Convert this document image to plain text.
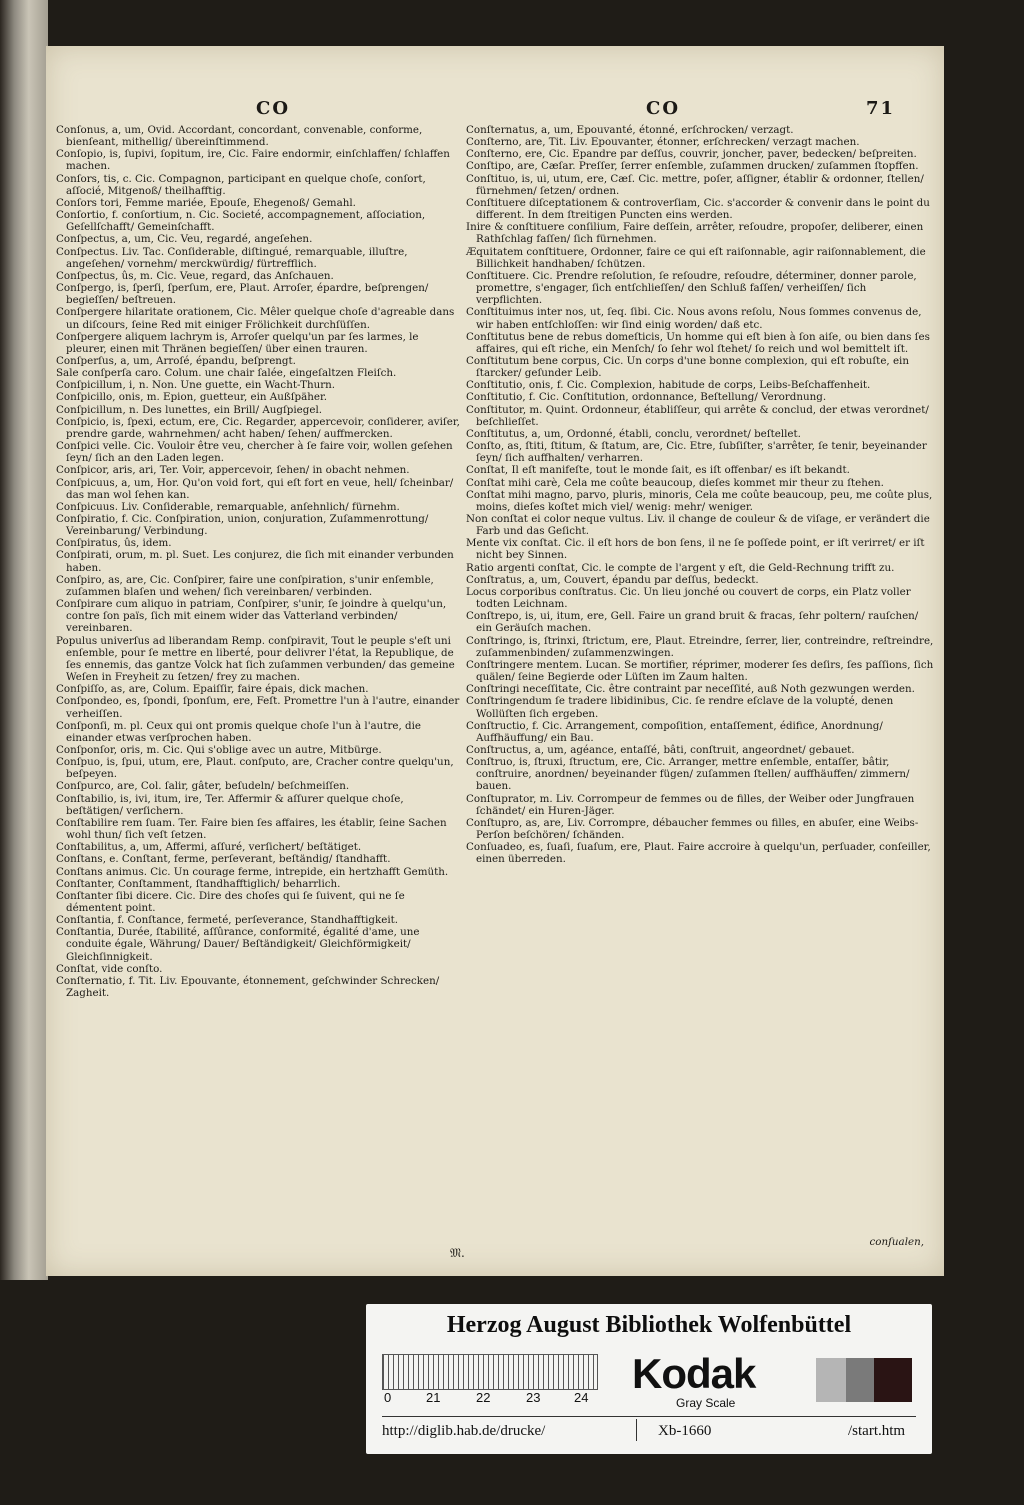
CO	CO	71
Conſonus, a, um, Ovid. Accordant, concordant, convenable, conforme, bienſeant, mithellig/ übereinſtimmend.
Conſopio, is, ſupivi, ſopitum, ire, Cic. Faire endormir, einſchlaffen/ ſchlaffen machen.
Conſors, tis, c. Cic. Compagnon, participant en quelque choſe, conſort, aſſocié, Mitgenoß/ theilhafftig.
Conſors tori, Femme mariée, Epouſe, Ehegenoß/ Gemahl.
Conſortio, f. conſortium, n. Cic. Societé, accompagnement, aſſociation, Geſellſchafft/ Gemeinſchafft.
Conſpectus, a, um, Cic. Veu, regardé, angeſehen.
Conſpectus. Liv. Tac. Conſiderable, diſtingué, remarquable, illuſtre, angeſehen/ vornehm/ merckwürdig/ fürtrefflich.
Conſpectus, ûs, m. Cic. Veue, regard, das Anſchauen.
Conſpergo, is, ſperſi, ſperſum, ere, Plaut. Arroſer, épardre, beſprengen/ begieſſen/ beſtreuen.
Conſpergere hilaritate orationem, Cic. Mêler quelque choſe d'agreable dans un diſcours, ſeine Red mit einiger Frölichkeit durchſüſſen.
Conſpergere aliquem lachrym is, Arroſer quelqu'un par ſes larmes, le pleurer, einen mit Thränen begieſſen/ über einen trauren.
Conſperſus, a, um, Arroſé, épandu, beſprengt.
Sale conſperſa caro. Colum. une chair ſalée, eingeſaltzen Fleiſch.
Conſpicillum, i, n. Non. Une guette, ein Wacht-Thurn.
Conſpicillo, onis, m. Epion, guetteur, ein Außſpäher.
Conſpicillum, n. Des lunettes, ein Brill/ Augſpiegel.
Conſpicio, is, ſpexi, ectum, ere, Cic. Regarder, appercevoir, conſiderer, aviſer, prendre garde, wahrnehmen/ acht haben/ ſehen/ auffmercken.
Conſpici velle. Cic. Vouloir être veu, chercher à ſe faire voir, wollen geſehen ſeyn/ ſich an den Laden legen.
Conſpicor, aris, ari, Ter. Voir, appercevoir, ſehen/ in obacht nehmen.
Conſpicuus, a, um, Hor. Qu'on void fort, qui eſt fort en veue, hell/ ſcheinbar/ das man wol ſehen kan.
Conſpicuus. Liv. Conſiderable, remarquable, anſehnlich/ fürnehm.
Conſpiratio, f. Cic. Conſpiration, union, conjuration, Zuſammenrottung/ Vereinbarung/ Verbindung.
Conſpiratus, ûs, idem.
Conſpirati, orum, m. pl. Suet. Les conjurez, die ſich mit einander verbunden haben.
Conſpiro, as, are, Cic. Conſpirer, faire une conſpiration, s'unir enſemble, zuſammen blaſen und wehen/ ſich vereinbaren/ verbinden.
Conſpirare cum aliquo in patriam, Conſpirer, s'unir, ſe joindre à quelqu'un, contre ſon païs, ſich mit einem wider das Vatterland verbinden/ vereinbaren.
Populus univerſus ad liberandam Remp. conſpiravit, Tout le peuple s'eſt uni enſemble, pour ſe mettre en liberté, pour delivrer l'état, la Republique, de ſes ennemis, das gantze Volck hat ſich zuſammen verbunden/ das gemeine Weſen in Freyheit zu ſetzen/ frey zu machen.
Conſpiſſo, as, are, Colum. Epaiſſir, faire épais, dick machen.
Conſpondeo, es, ſpondi, ſponſum, ere, Feſt. Promettre l'un à l'autre, einander verheiſſen.
Conſponſi, m. pl. Ceux qui ont promis quelque choſe l'un à l'autre, die einander etwas verſprochen haben.
Conſponſor, oris, m. Cic. Qui s'oblige avec un autre, Mitbürge.
Conſpuo, is, ſpui, utum, ere, Plaut. conſputo, are, Cracher contre quelqu'un, beſpeyen.
Conſpurco, are, Col. ſalir, gâter, beſudeln/ beſchmeiſſen.
Conſtabilio, is, ivi, itum, ire, Ter. Affermir & aſſurer quelque choſe, beſtätigen/ verſichern.
Conſtabilire rem ſuam. Ter. Faire bien ſes affaires, les établir, ſeine Sachen wohl thun/ ſich veſt ſetzen.
Conſtabilitus, a, um, Affermi, aſſuré, verſichert/ beſtätiget.
Conſtans, e. Conſtant, ferme, perſeverant, beſtändig/ ſtandhafft.
Conſtans animus. Cic. Un courage ferme, intrepide, ein hertzhafft Gemüth.
Conſtanter, Conſtamment, ſtandhafftiglich/ beharrlich.
Conſtanter ſibi dicere. Cic. Dire des choſes qui ſe ſuivent, qui ne ſe démentent point.
Conſtantia, f. Conſtance, fermeté, perſeverance, Standhafftigkeit.
Conſtantia, Durée, ſtabilité, aſſûrance, conformité, égalité d'ame, une conduite égale, Währung/ Dauer/ Beſtändigkeit/ Gleichförmigkeit/ Gleichſinnigkeit.
Conſtat, vide conſto.
Conſternatio, f. Tit. Liv. Epouvante, étonnement, geſchwinder Schrecken/ Zagheit.
Conſternatus, a, um, Epouvanté, étonné, erſchrocken/ verzagt.
Conſterno, are, Tit. Liv. Epouvanter, étonner, erſchrecken/ verzagt machen.
Conſterno, ere, Cic. Epandre par deſſus, couvrir, joncher, paver, bedecken/ beſpreiten.
Conſtipo, are, Cæſar. Preſſer, ſerrer enſemble, zuſammen drucken/ zuſammen ſtopffen.
Conſtituo, is, ui, utum, ere, Cæſ. Cic. mettre, poſer, aſſigner, établir & ordonner, ſtellen/ fürnehmen/ ſetzen/ ordnen.
Conſtituere diſceptationem & controverſiam, Cic. s'accorder & convenir dans le point du different. In dem ſtreitigen Puncten eins werden.
Inire & conſtituere conſilium, Faire deſſein, arrêter, reſoudre, propoſer, deliberer, einen Rathſchlag faſſen/ ſich fürnehmen.
Æquitatem conſtituere, Ordonner, faire ce qui eſt raiſonnable, agir raiſonnablement, die Billichkeit handhaben/ ſchützen.
Conſtituere. Cic. Prendre reſolution, ſe reſoudre, reſoudre, déterminer, donner parole, promettre, s'engager, ſich entſchlieſſen/ den Schluß faſſen/ verheiſſen/ ſich verpflichten.
Conſtituimus inter nos, ut, ſeq. ſibi. Cic. Nous avons reſolu, Nous ſommes convenus de, wir haben entſchloſſen: wir ſind einig worden/ daß etc.
Conſtitutus bene de rebus domeſticis, Un homme qui eſt bien à ſon aiſe, ou bien dans ſes affaires, qui eſt riche, ein Menſch/ ſo ſehr wol ſtehet/ ſo reich und wol bemittelt iſt.
Conſtitutum bene corpus, Cic. Un corps d'une bonne complexion, qui eſt robuſte, ein ſtarcker/ geſunder Leib.
Conſtitutio, onis, f. Cic. Complexion, habitude de corps, Leibs-Beſchaffenheit.
Conſtitutio, f. Cic. Conſtitution, ordonnance, Beſtellung/ Verordnung.
Conſtitutor, m. Quint. Ordonneur, établiſſeur, qui arrête & conclud, der etwas verordnet/ beſchlieſſet.
Conſtitutus, a, um, Ordonné, établi, conclu, verordnet/ beſtellet.
Conſto, as, ſtiti, ſtitum, & ſtatum, are, Cic. Etre, ſubſiſter, s'arrêter, ſe tenir, beyeinander ſeyn/ ſich auffhalten/ verharren.
Conſtat, Il eſt manifeſte, tout le monde ſait, es iſt offenbar/ es iſt bekandt.
Conſtat mihi carè, Cela me coûte beaucoup, dieſes kommet mir theur zu ſtehen.
Conſtat mihi magno, parvo, pluris, minoris, Cela me coûte beaucoup, peu, me coûte plus, moins, dieſes koſtet mich viel/ wenig: mehr/ weniger.
Non conſtat ei color neque vultus. Liv. il change de couleur & de viſage, er verändert die Farb und das Geſicht.
Mente vix conſtat. Cic. il eſt hors de bon ſens, il ne ſe poſſede point, er iſt verirret/ er iſt nicht bey Sinnen.
Ratio argenti conſtat, Cic. le compte de l'argent y eſt, die Geld-Rechnung trifft zu.
Conſtratus, a, um, Couvert, épandu par deſſus, bedeckt.
Locus corporibus conſtratus. Cic. Un lieu jonché ou couvert de corps, ein Platz voller todten Leichnam.
Conſtrepo, is, ui, itum, ere, Gell. Faire un grand bruit & fracas, ſehr poltern/ rauſchen/ ein Geräuſch machen.
Conſtringo, is, ſtrinxi, ſtrictum, ere, Plaut. Etreindre, ſerrer, lier, contreindre, reſtreindre, zuſammenbinden/ zuſammenzwingen.
Conſtringere mentem. Lucan. Se mortifier, réprimer, moderer ſes deſirs, ſes paſſions, ſich quälen/ ſeine Begierde oder Lüſten im Zaum halten.
Conſtringi neceſſitate, Cic. être contraint par neceſſité, auß Noth gezwungen werden.
Conſtringendum ſe tradere libidinibus, Cic. ſe rendre eſclave de la volupté, denen Wollüſten ſich ergeben.
Conſtructio, f. Cic. Arrangement, compoſition, entaſſement, édifice, Anordnung/ Auffhäuffung/ ein Bau.
Conſtructus, a, um, agéance, entaſſé, bâti, conſtruit, angeordnet/ gebauet.
Conſtruo, is, ſtruxi, ſtructum, ere, Cic. Arranger, mettre enſemble, entaſſer, bâtir, conſtruire, anordnen/ beyeinander fügen/ zuſammen ſtellen/ auffhäuffen/ zimmern/ bauen.
Conſtuprator, m. Liv. Corrompeur de femmes ou de filles, der Weiber oder Jungfrauen ſchändet/ ein Huren-Jäger.
Conſtupro, as, are, Liv. Corrompre, débaucher femmes ou filles, en abuſer, eine Weibs-Perſon beſchören/ ſchänden.
Conſuadeo, es, ſuaſi, ſuaſum, ere, Plaut. Faire accroire à quelqu'un, perſuader, conſeiller, einen überreden.
𝔐.
conſualen,
Herzog August Bibliothek Wolfenbüttel
0	21	22	23	24
Kodak
Gray Scale
http://diglib.hab.de/drucke/	Xb-1660	/start.htm
